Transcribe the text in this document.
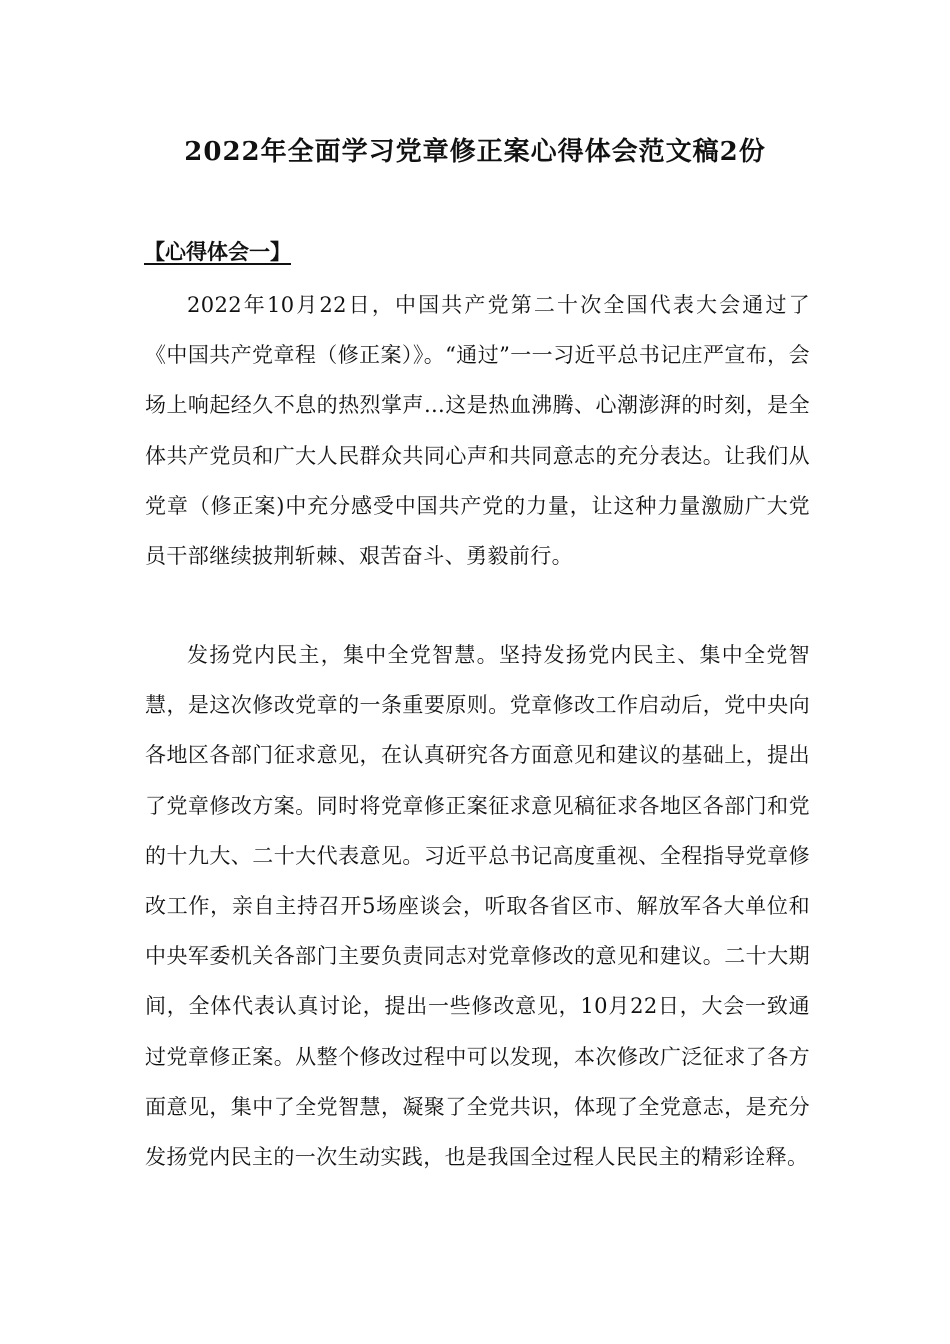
2022年全面学习党章修正案心得体会范文稿2份
【心得体会一】

2022年10月22日，中国共产党第二十次全国代表大会通过了《中国共产党章程（修正案）》。“通过”一一习近平总书记庄严宣布，会场上响起经久不息的热烈掌声…这是热血沸腾、心潮澎湃的时刻，是全体共产党员和广大人民群众共同心声和共同意志的充分表达。让我们从党章（修正案)中充分感受中国共产党的力量，让这种力量激励广大党员干部继续披荆斩棘、艰苦奋斗、勇毅前行。

发扬党内民主，集中全党智慧。坚持发扬党内民主、集中全党智慧，是这次修改党章的一条重要原则。党章修改工作启动后，党中央向各地区各部门征求意见，在认真研究各方面意见和建议的基础上，提出了党章修改方案。同时将党章修正案征求意见稿征求各地区各部门和党的十九大、二十大代表意见。习近平总书记高度重视、全程指导党章修改工作，亲自主持召开5场座谈会，听取各省区市、解放军各大单位和中央军委机关各部门主要负责同志对党章修改的意见和建议。二十大期间，全体代表认真讨论，提出一些修改意见，10月22日，大会一致通过党章修正案。从整个修改过程中可以发现，本次修改广泛征求了各方面意见，集中了全党智慧，凝聚了全党共识，体现了全党意志，是充分发扬党内民主的一次生动实践，也是我国全过程人民民主的精彩诠释。
